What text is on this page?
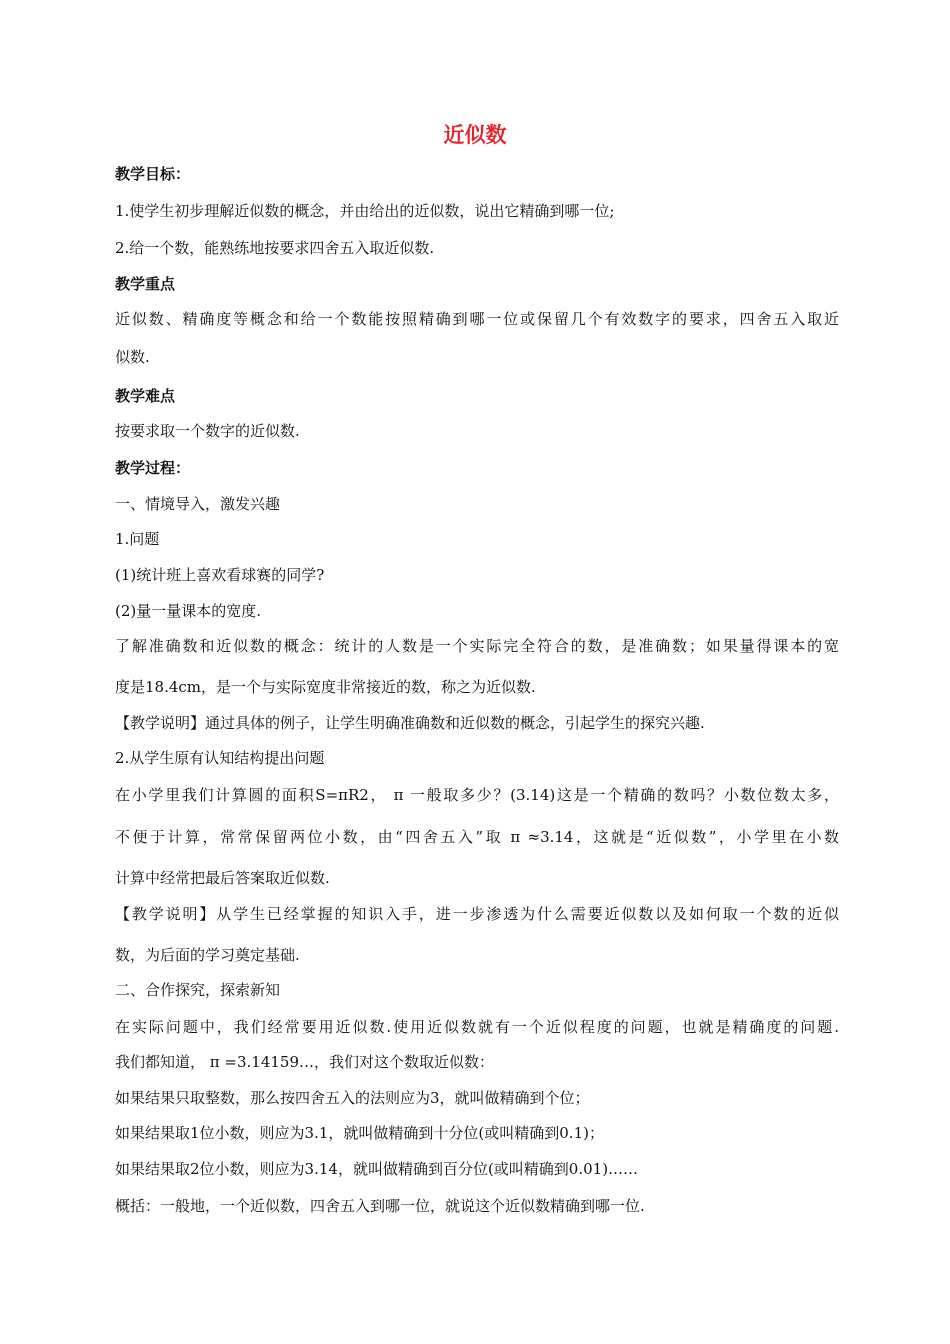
近似数
教学目标：
1.使学生初步理解近似数的概念，并由给出的近似数，说出它精确到哪一位;
2.给一个数，能熟练地按要求四舍五入取近似数.
教学重点
近似数、精确度等概念和给一个数能按照精确到哪一位或保留几个有效数字的要求，四舍五入取近
似数.
教学难点
按要求取一个数字的近似数.
教学过程：
一、情境导入，激发兴趣
1.问题
(1)统计班上喜欢看球赛的同学?
(2)量一量课本的宽度.
了解准确数和近似数的概念：统计的人数是一个实际完全符合的数，是准确数；如果量得课本的宽
度是18.4cm，是一个与实际宽度非常接近的数，称之为近似数.
【教学说明】通过具体的例子，让学生明确准确数和近似数的概念，引起学生的探究兴趣.
2.从学生原有认知结构提出问题
在小学里我们计算圆的面积S=πR2， π 一般取多少？(3.14)这是一个精确的数吗？小数位数太多，
不便于计算，常常保留两位小数，由“四舍五入”取 π ≈3.14，这就是“近似数”，小学里在小数
计算中经常把最后答案取近似数.
【教学说明】从学生已经掌握的知识入手，进一步渗透为什么需要近似数以及如何取一个数的近似
数，为后面的学习奠定基础.
二、合作探究，探索新知
在实际问题中，我们经常要用近似数.使用近似数就有一个近似程度的问题，也就是精确度的问题.
我们都知道， π =3.14159…，我们对这个数取近似数：
如果结果只取整数，那么按四舍五入的法则应为3，就叫做精确到个位；
如果结果取1位小数，则应为3.1，就叫做精确到十分位(或叫精确到0.1)；
如果结果取2位小数，则应为3.14，就叫做精确到百分位(或叫精确到0.01)……
概括：一般地，一个近似数，四舍五入到哪一位，就说这个近似数精确到哪一位.
